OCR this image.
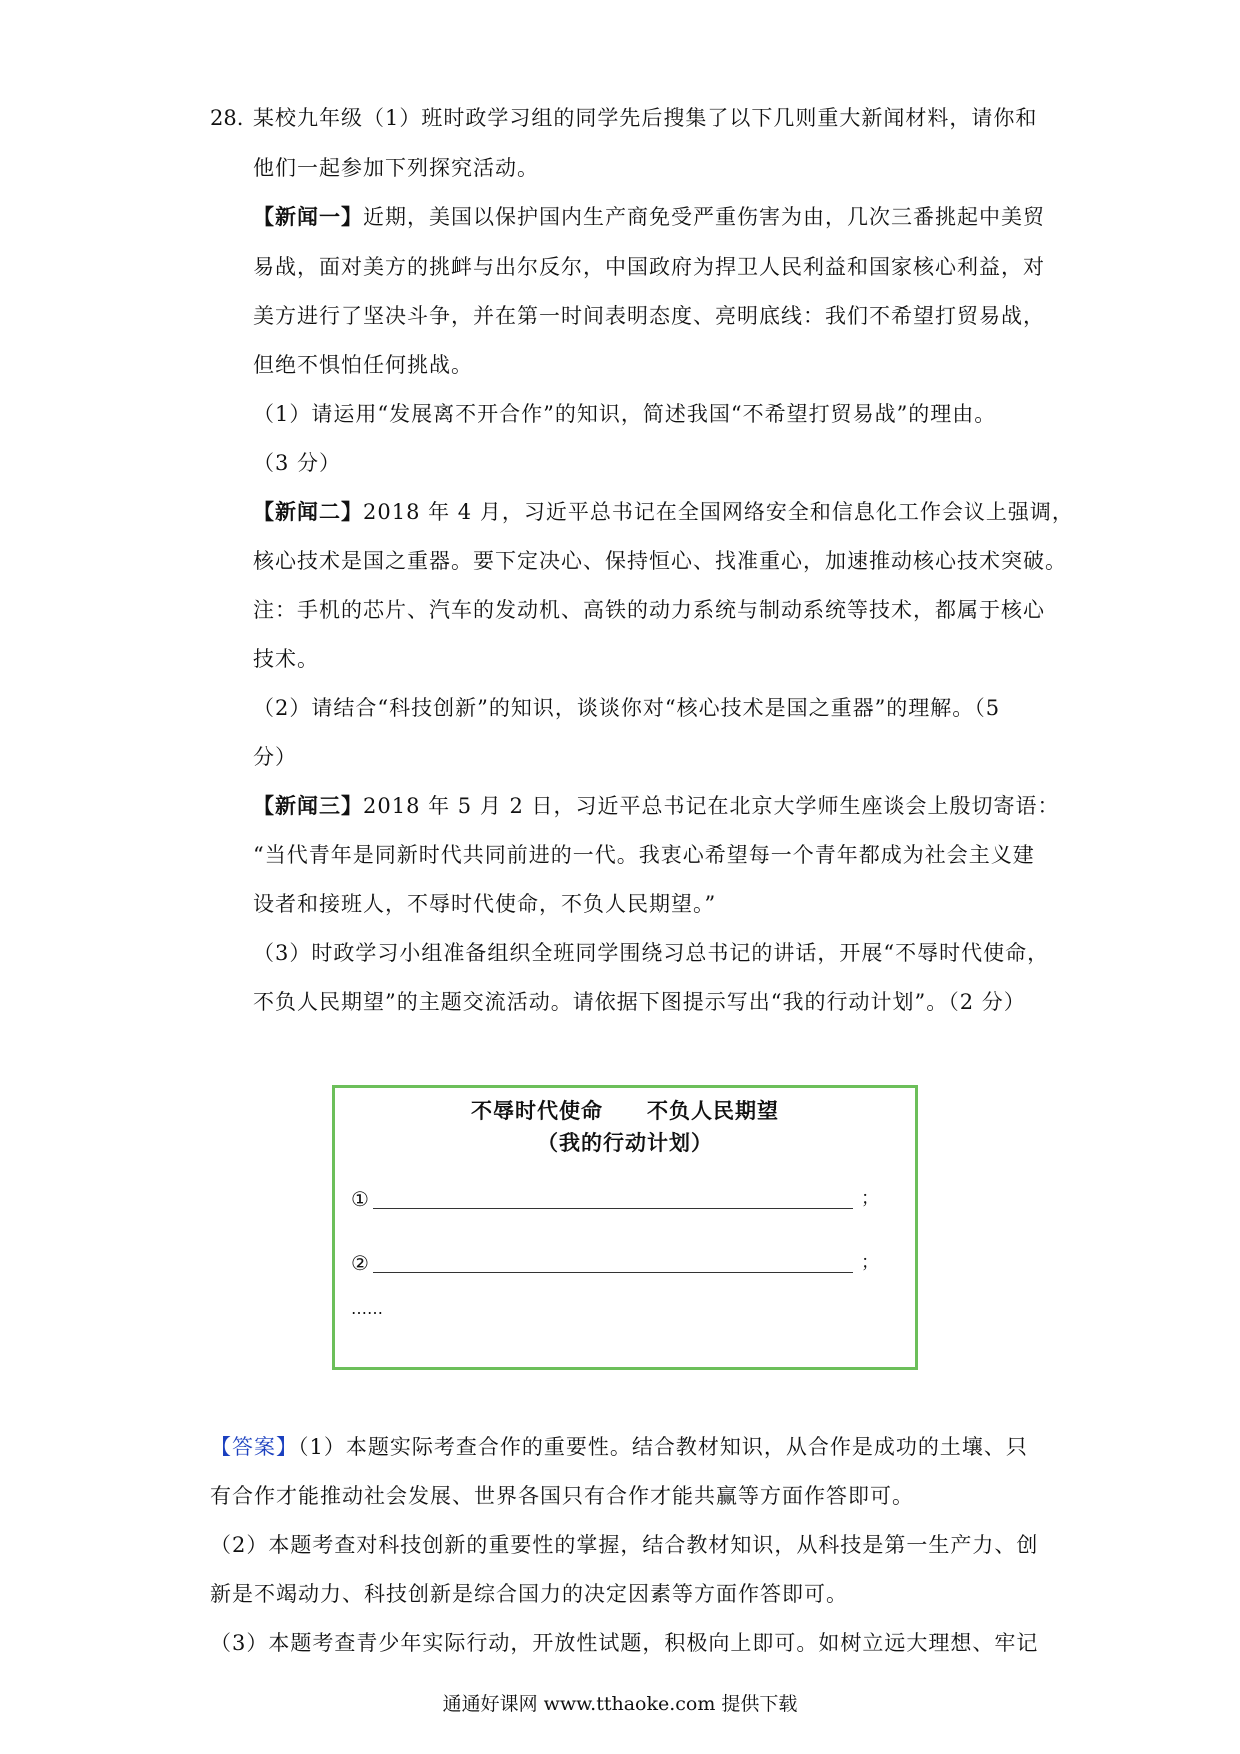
28. 某校九年级（1）班时政学习组的同学先后搜集了以下几则重大新闻材料，请你和
他们一起参加下列探究活动。
【新闻一】近期，美国以保护国内生产商免受严重伤害为由，几次三番挑起中美贸
易战，面对美方的挑衅与出尔反尔，中国政府为捍卫人民利益和国家核心利益，对
美方进行了坚决斗争，并在第一时间表明态度、亮明底线：我们不希望打贸易战，
但绝不惧怕任何挑战。
（1）请运用“发展离不开合作”的知识，简述我国“不希望打贸易战”的理由。
（3 分）
【新闻二】2018 年 4 月，习近平总书记在全国网络安全和信息化工作会议上强调，
核心技术是国之重器。要下定决心、保持恒心、找准重心，加速推动核心技术突破。
注：手机的芯片、汽车的发动机、高铁的动力系统与制动系统等技术，都属于核心
技术。
（2）请结合“科技创新”的知识，谈谈你对“核心技术是国之重器”的理解。（5
分）
【新闻三】2018 年 5 月 2 日，习近平总书记在北京大学师生座谈会上殷切寄语：
“当代青年是同新时代共同前进的一代。我衷心希望每一个青年都成为社会主义建
设者和接班人，不辱时代使命，不负人民期望。”
（3）时政学习小组准备组织全班同学围绕习总书记的讲话，开展“不辱时代使命，
不负人民期望”的主题交流活动。请依据下图提示写出“我的行动计划”。（2 分）
不辱时代使命　　不负人民期望
（我的行动计划）
①	；
②	；
……
【答案】（1）本题实际考查合作的重要性。结合教材知识，从合作是成功的土壤、只
有合作才能推动社会发展、世界各国只有合作才能共赢等方面作答即可。
（2）本题考查对科技创新的重要性的掌握，结合教材知识，从科技是第一生产力、创
新是不竭动力、科技创新是综合国力的决定因素等方面作答即可。
（3）本题考查青少年实际行动，开放性试题，积极向上即可。如树立远大理想、牢记
通通好课网 www.tthaoke.com 提供下载
